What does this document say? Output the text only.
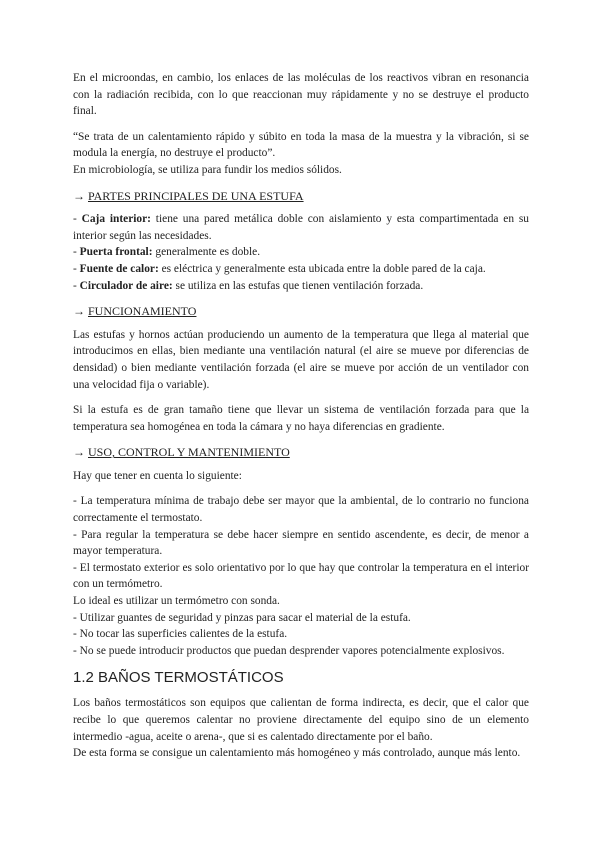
En el microondas, en cambio, los enlaces de las moléculas de los reactivos vibran en resonancia con la radiación recibida, con lo que reaccionan muy rápidamente y no se destruye el producto final.

“Se trata de un calentamiento rápido y súbito en toda la masa de la muestra y la vibración, si se modula la energía, no destruye el producto”.

En microbiología, se utiliza para fundir los medios sólidos.

→ PARTES PRINCIPALES DE UNA ESTUFA

- Caja interior: tiene una pared metálica doble con aislamiento y esta compartimentada en su interior según las necesidades.

- Puerta frontal: generalmente es doble.

- Fuente de calor: es eléctrica y generalmente esta ubicada entre la doble pared de la caja.

- Circulador de aire: se utiliza en las estufas que tienen ventilación forzada.

→ FUNCIONAMIENTO

Las estufas y hornos actúan produciendo un aumento de la temperatura que llega al material que introducimos en ellas, bien mediante una ventilación natural (el aire se mueve por diferencias de densidad) o bien mediante ventilación forzada (el aire se mueve por acción de un ventilador con una velocidad fija o variable).

Si la estufa es de gran tamaño tiene que llevar un sistema de ventilación forzada para que la temperatura sea homogénea en toda la cámara y no haya diferencias en gradiente.

→ USO, CONTROL Y MANTENIMIENTO

Hay que tener en cuenta lo siguiente:

- La temperatura mínima de trabajo debe ser mayor que la ambiental, de lo contrario no funciona correctamente el termostato.

- Para regular la temperatura se debe hacer siempre en sentido ascendente, es decir, de menor a mayor temperatura.

- El termostato exterior es solo orientativo por lo que hay que controlar la temperatura en el interior con un termómetro.

Lo ideal es utilizar un termómetro con sonda.

- Utilizar guantes de seguridad y pinzas para sacar el material de la estufa.

- No tocar las superficies calientes de la estufa.

- No se puede introducir productos que puedan desprender vapores potencialmente explosivos.

1.2 BAÑOS TERMOSTÁTICOS

Los baños termostáticos son equipos que calientan de forma indirecta, es decir, que el calor que recibe lo que queremos calentar no proviene directamente del equipo sino de un elemento intermedio -agua, aceite o arena-, que si es calentado directamente por el baño.

De esta forma se consigue un calentamiento más homogéneo y más controlado, aunque más lento.
